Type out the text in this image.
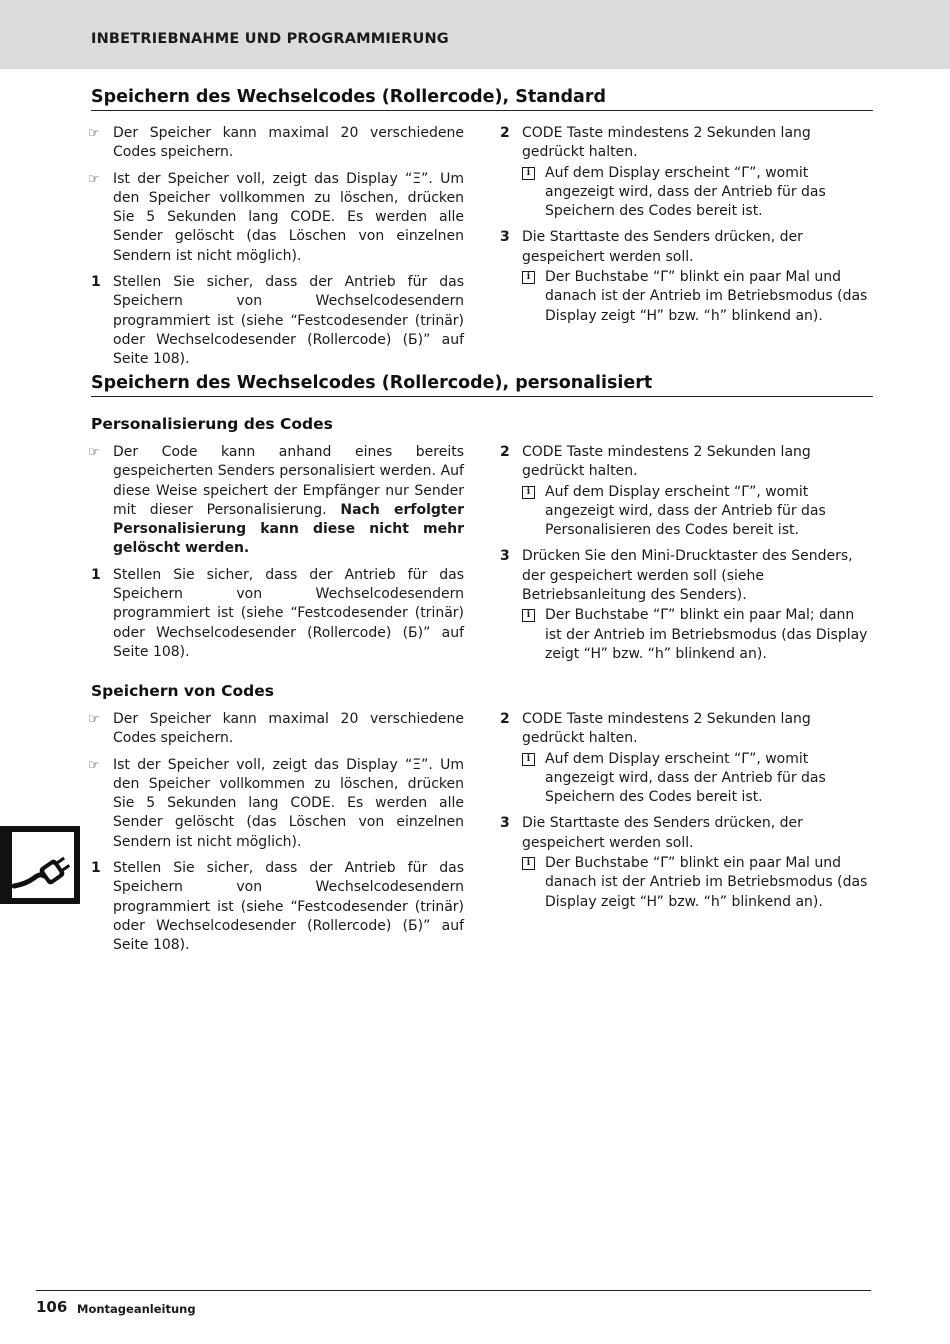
INBETRIEBNAHME UND PROGRAMMIERUNG
Speichern des Wechselcodes (Rollercode), Standard
☞ Der Speicher kann maximal 20 verschiedene Codes speichern.
☞ Ist der Speicher voll, zeigt das Display “Ξ”. Um den Speicher vollkommen zu löschen, drücken Sie 5 Sekunden lang CODE. Es werden alle Sender gelöscht (das Löschen von einzelnen Sendern ist nicht möglich).
1 Stellen Sie sicher, dass der Antrieb für das Speichern von Wechselcodesendern programmiert ist (siehe “Festcodesender (trinär) oder Wechselcodesender (Rollercode) (Ƃ)” auf Seite 108).
2 CODE Taste mindestens 2 Sekunden lang gedrückt halten.
i	Auf dem Display erscheint “ᒥ”, womit angezeigt wird, dass der Antrieb für das Speichern des Codes bereit ist.
3 Die Starttaste des Senders drücken, der gespeichert werden soll.
i	Der Buchstabe “ᒥ” blinkt ein paar Mal und danach ist der Antrieb im Betriebsmodus (das Display zeigt “H” bzw. “h” blinkend an).
Speichern des Wechselcodes (Rollercode), personalisiert
Personalisierung des Codes
☞ Der Code kann anhand eines bereits gespeicherten Senders personalisiert werden. Auf diese Weise speichert der Empfänger nur Sender mit dieser Personalisierung. Nach erfolgter Personalisierung kann diese nicht mehr gelöscht werden.
1 Stellen Sie sicher, dass der Antrieb für das Speichern von Wechselcodesendern programmiert ist (siehe “Festcodesender (trinär) oder Wechselcodesender (Rollercode) (Ƃ)” auf Seite 108).
2 CODE Taste mindestens 2 Sekunden lang gedrückt halten.
i	Auf dem Display erscheint “ᒥ”, womit angezeigt wird, dass der Antrieb für das Personalisieren des Codes bereit ist.
3 Drücken Sie den Mini-Drucktaster des Senders, der gespeichert werden soll (siehe Betriebsanleitung des Senders).
i	Der Buchstabe “ᒥ” blinkt ein paar Mal; dann ist der Antrieb im Betriebsmodus (das Display zeigt “H” bzw. “h” blinkend an).
Speichern von Codes
☞ Der Speicher kann maximal 20 verschiedene Codes speichern.
☞ Ist der Speicher voll, zeigt das Display “Ξ”. Um den Speicher vollkommen zu löschen, drücken Sie 5 Sekunden lang CODE. Es werden alle Sender gelöscht (das Löschen von einzelnen Sendern ist nicht möglich).
1 Stellen Sie sicher, dass der Antrieb für das Speichern von Wechselcodesendern programmiert ist (siehe “Festcodesender (trinär) oder Wechselcodesender (Rollercode) (Ƃ)” auf Seite 108).
2 CODE Taste mindestens 2 Sekunden lang gedrückt halten.
i	Auf dem Display erscheint “ᒥ”, womit angezeigt wird, dass der Antrieb für das Speichern des Codes bereit ist.
3 Die Starttaste des Senders drücken, der gespeichert werden soll.
i	Der Buchstabe “ᒥ” blinkt ein paar Mal und danach ist der Antrieb im Betriebsmodus (das Display zeigt “H” bzw. “h” blinkend an).
106 Montageanleitung
